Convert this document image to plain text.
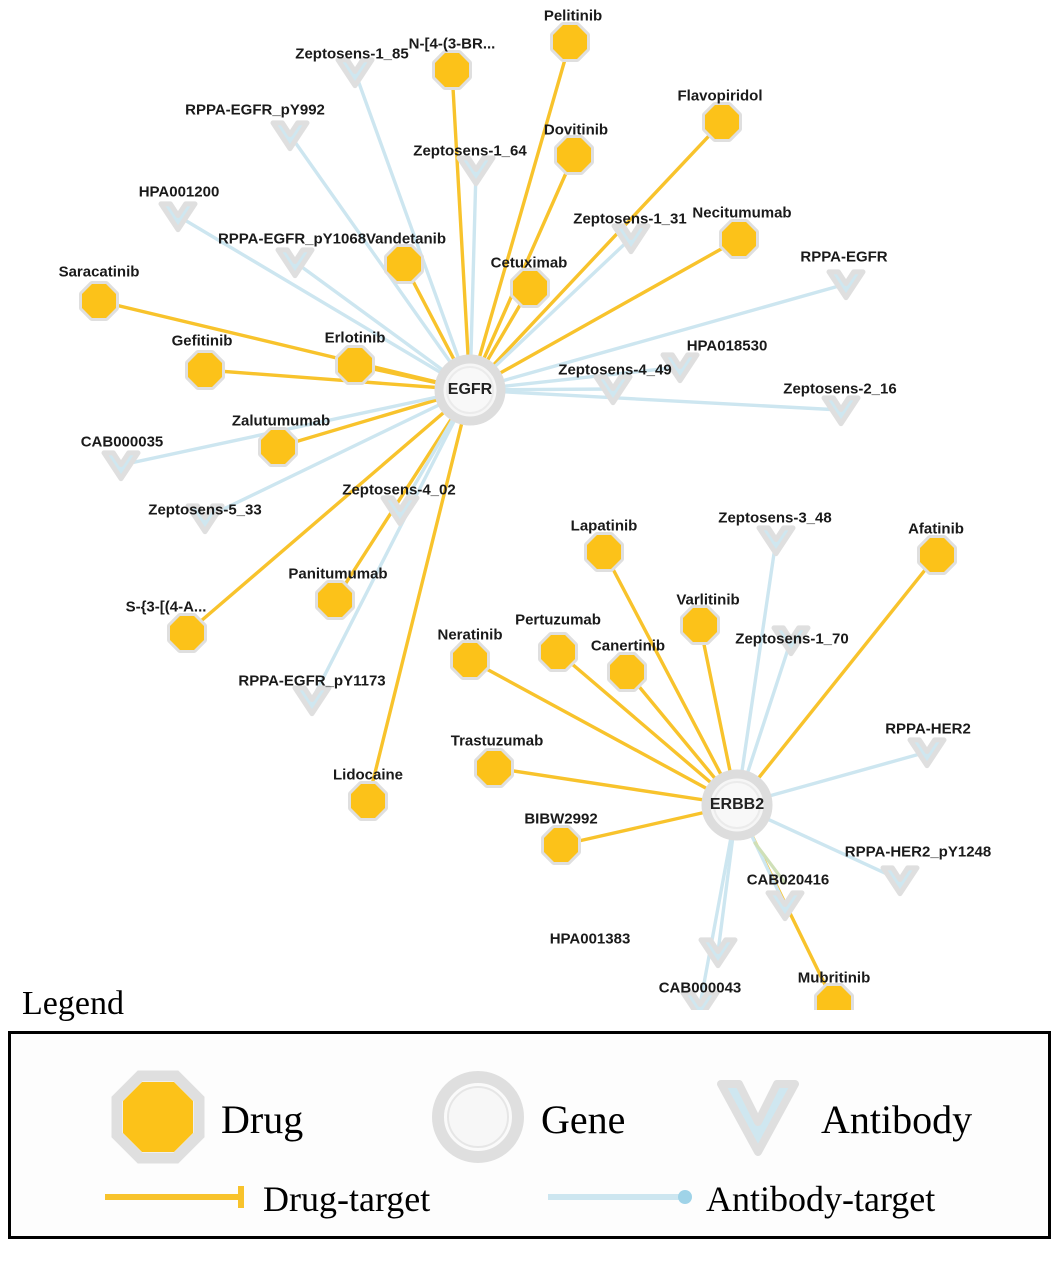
Pelitinib
N-[4-(3-BR...
Flavopiridol
Dovitinib
Necitumumab
Vandetanib
Cetuximab
Saracatinib
Gefitinib	Erlotinib
Zalutumumab
Afatinib
Lapatinib
Varlitinib
Panitumumab
S-{3-[(4-A...
Pertuzumab
Neratinib
Canertinib
Trastuzumab
Lidocaine
BIBW2992
Mubritinib
Zeptosens-1_85
RPPA-EGFR_pY992
Zeptosens-1_64
HPA001200
RPPA-EGFR_pY1068
Zeptosens-1_31
RPPA-EGFR
HPA018530
Zeptosens-4_49
Zeptosens-2_16
CAB000035
Zeptosens-5_33
Zeptosens-4_02
Zeptosens-3_48
Zeptosens-1_70
RPPA-EGFR_pY1173
RPPA-HER2
RPPA-HER2_pY1248
CAB020416
HPA001383
CAB000043
EGFR
ERBB2
Legend
Drug	Gene	Antibody
Drug-target	Antibody-target
